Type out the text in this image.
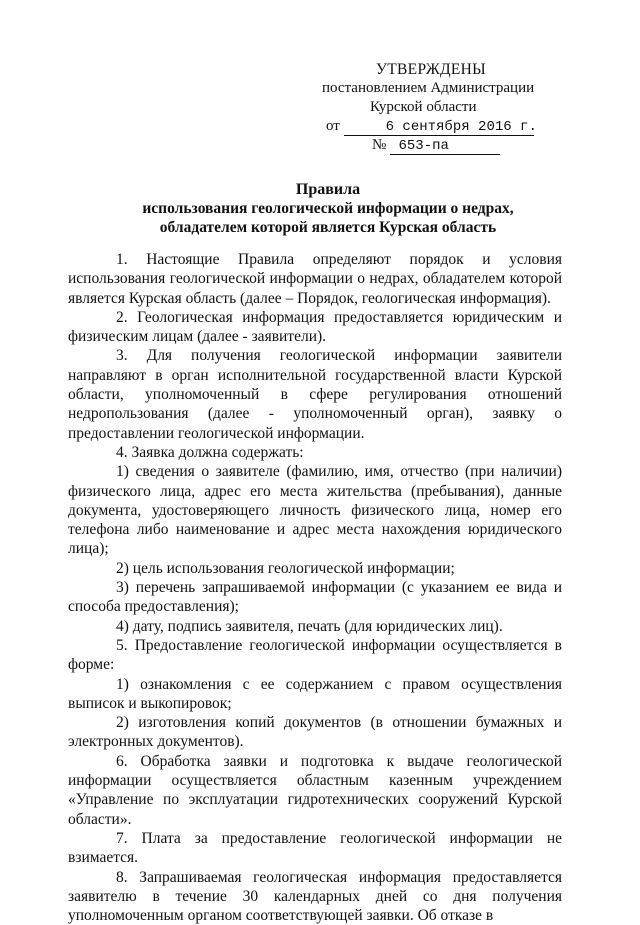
УТВЕРЖДЕНЫ
постановлением Администрации
Курской области
от	6 сентября 2016 г.
№ 653-па
Правила
использования геологической информации о недрах,
обладателем которой является Курская область

1. Настоящие Правила определяют порядок и условия использования геологической информации о недрах, обладателем которой является Курская область (далее – Порядок, геологическая информация).

2. Геологическая информация предоставляется юридическим и физическим лицам (далее - заявители).

3. Для получения геологической информации заявители направляют в орган исполнительной государственной власти Курской области, уполномоченный в сфере регулирования отношений недропользования (далее - уполномоченный орган), заявку о предоставлении геологической информации.

4. Заявка должна содержать:

1) сведения о заявителе (фамилию, имя, отчество (при наличии) физического лица, адрес его места жительства (пребывания), данные документа, удостоверяющего личность физического лица, номер его телефона либо наименование и адрес места нахождения юридического лица);

2) цель использования геологической информации;

3) перечень запрашиваемой информации (с указанием ее вида и способа предоставления);

4) дату, подпись заявителя, печать (для юридических лиц).

5. Предоставление геологической информации осуществляется в форме:

1) ознакомления с ее содержанием с правом осуществления выписок и выкопировок;

2) изготовления копий документов (в отношении бумажных и электронных документов).

6. Обработка заявки и подготовка к выдаче геологической информации осуществляется областным казенным учреждением «Управление по эксплуатации гидротехнических сооружений Курской области».

7. Плата за предоставление геологической информации не взимается.

8. Запрашиваемая геологическая информация предоставляется заявителю в течение 30 календарных дней со дня получения уполномоченным органом соответствующей заявки. Об отказе в
